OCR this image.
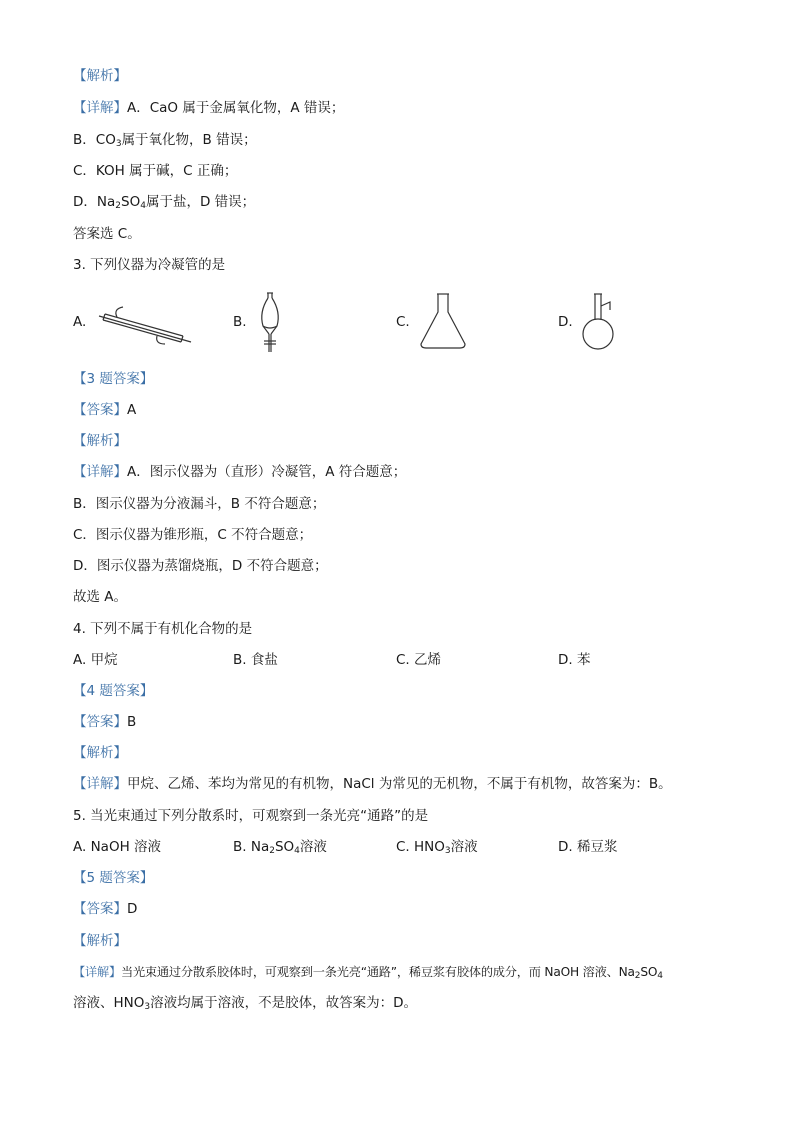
【解析】
【详解】A．CaO 属于金属氧化物，A 错误；
B．$CO_3$属于氧化物，B 错误；
C．KOH 属于碱，C 正确；
D．$Na_2SO_4$属于盐，D 错误；
答案选 C。
3. 下列仪器为冷凝管的是
A.	B.	C.	D.
【3 题答案】
【答案】A
【解析】
【详解】A．图示仪器为（直形）冷凝管，A 符合题意；
B．图示仪器为分液漏斗，B 不符合题意；
C．图示仪器为锥形瓶，C 不符合题意；
D．图示仪器为蒸馏烧瓶，D 不符合题意；
故选 A。
4. 下列不属于有机化合物的是
A. 甲烷	B. 食盐	C. 乙烯	D. 苯
【4 题答案】
【答案】B
【解析】
【详解】甲烷、乙烯、苯均为常见的有机物，NaCl 为常见的无机物，不属于有机物，故答案为：B。
5. 当光束通过下列分散系时，可观察到一条光亮“通路”的是
A. NaOH 溶液	B. $Na_2SO_4$溶液	C. $HNO_3$溶液	D. 稀豆浆
【5 题答案】
【答案】D
【解析】
【详解】当光束通过分散系胶体时，可观察到一条光亮“通路”，稀豆浆有胶体的成分，而 NaOH 溶液、$Na_2SO_4$
溶液、$HNO_3$溶液均属于溶液，不是胶体，故答案为：D。
